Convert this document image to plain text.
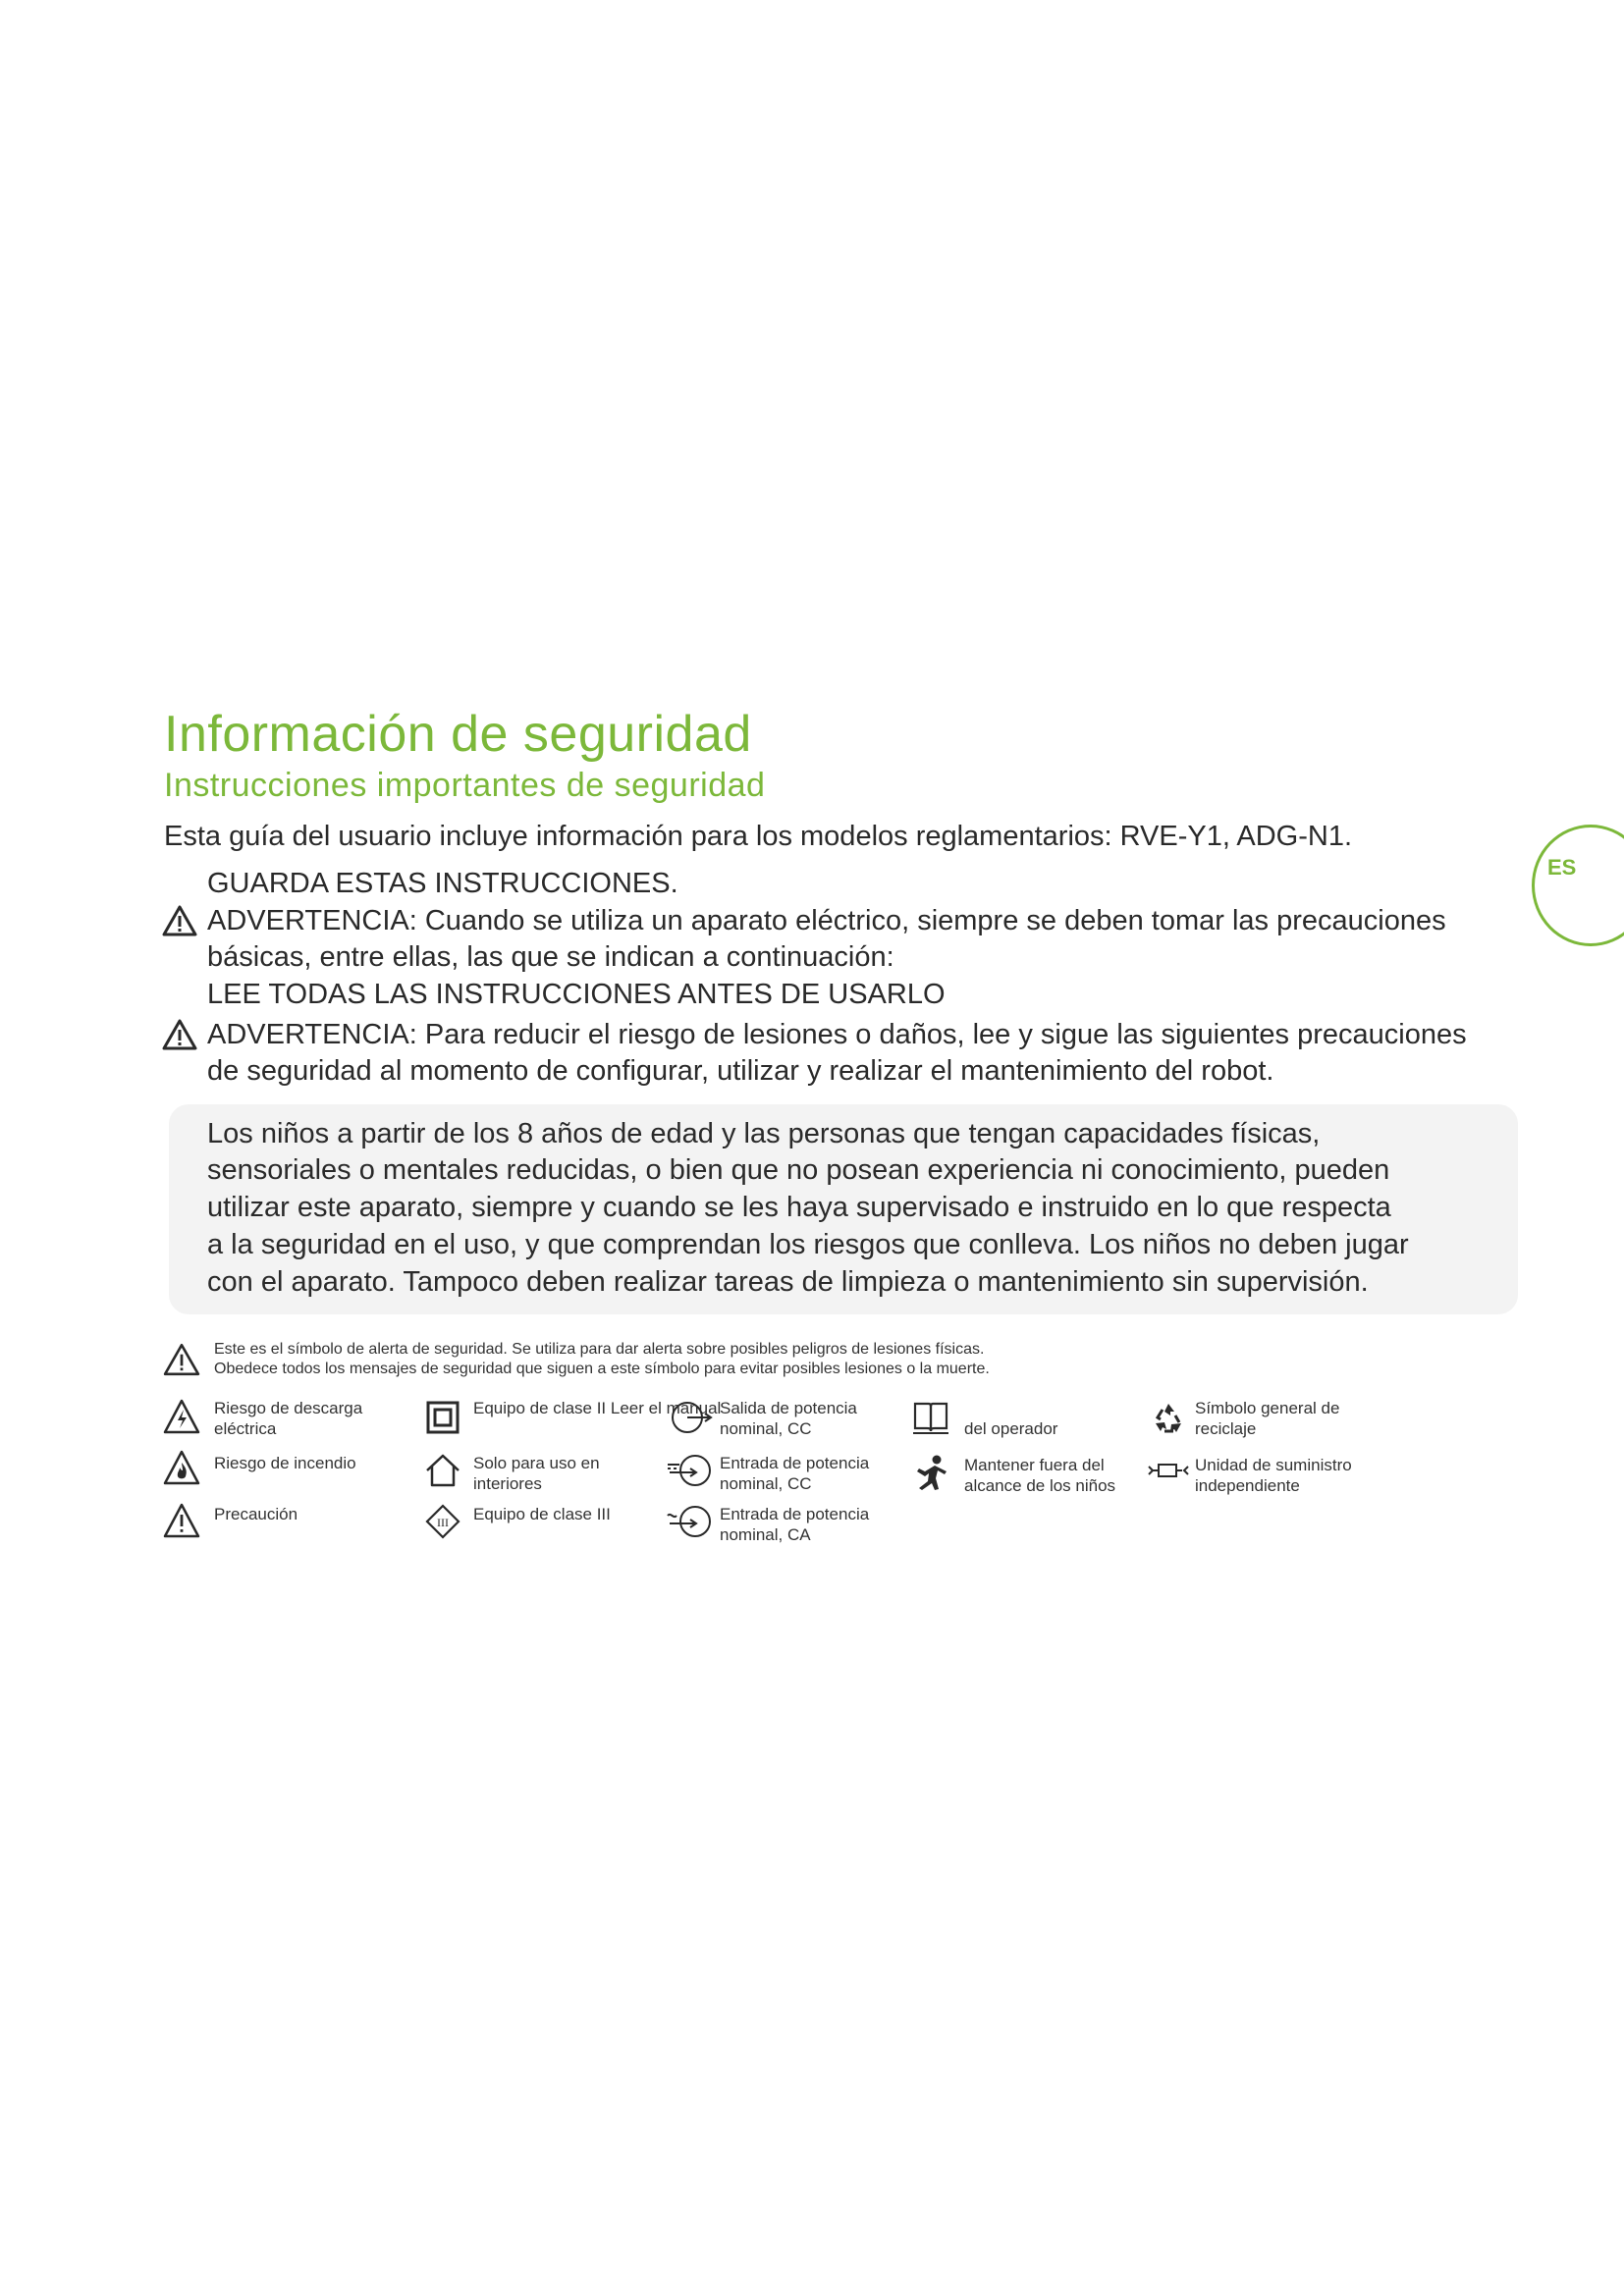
Información de seguridad
Instrucciones importantes de seguridad
ES

Esta guía del usuario incluye información para los modelos reglamentarios: RVE-Y1, ADG-N1.

GUARDA ESTAS INSTRUCCIONES.

ADVERTENCIA: Cuando se utiliza un aparato eléctrico, siempre se deben tomar las precauciones

básicas, entre ellas, las que se indican a continuación:

LEE TODAS LAS INSTRUCCIONES ANTES DE USARLO

ADVERTENCIA: Para reducir el riesgo de lesiones o daños, lee y sigue las siguientes precauciones

de seguridad al momento de configurar, utilizar y realizar el mantenimiento del robot.

Los niños a partir de los 8 años de edad y las personas que tengan capacidades físicas,

sensoriales o mentales reducidas, o bien que no posean experiencia ni conocimiento, pueden

utilizar este aparato, siempre y cuando se les haya supervisado e instruido en lo que respecta

a la seguridad en el uso, y que comprendan los riesgos que conlleva. Los niños no deben jugar

con el aparato. Tampoco deben realizar tareas de limpieza o mantenimiento sin supervisión.

Este es el símbolo de alerta de seguridad. Se utiliza para dar alerta sobre posibles peligros de lesiones físicas.

Obedece todos los mensajes de seguridad que siguen a este símbolo para evitar posibles lesiones o la muerte.

Riesgo de descarga
eléctrica
Riesgo de incendio
Precaución
Equipo de clase II Leer el manual
Solo para uso en
interiores
III Equipo de clase III
Salida de potencia
nominal, CC
Entrada de potencia
nominal, CC
Entrada de potencia
nominal, CA
del operador
Mantener fuera del
alcance de los niños
Símbolo general de
reciclaje
Unidad de suministro
independiente
